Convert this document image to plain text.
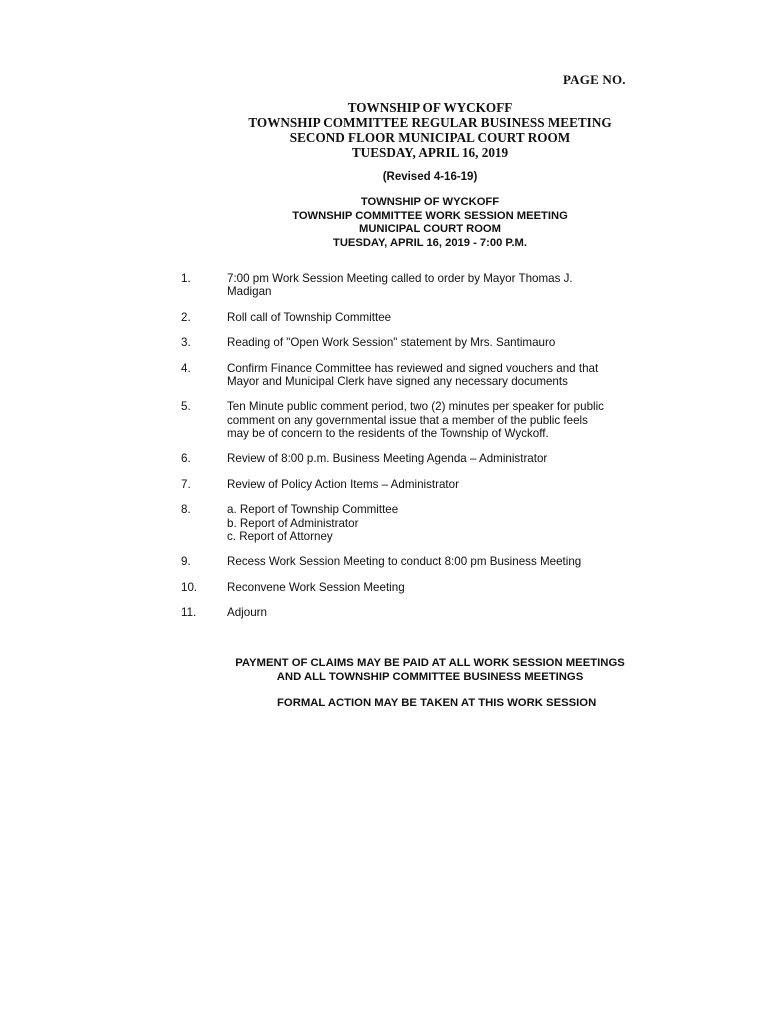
PAGE NO.
TOWNSHIP OF WYCKOFF
TOWNSHIP COMMITTEE REGULAR BUSINESS MEETING
SECOND FLOOR MUNICIPAL COURT ROOM
TUESDAY, APRIL 16, 2019
(Revised 4-16-19)
TOWNSHIP OF WYCKOFF
TOWNSHIP COMMITTEE WORK SESSION MEETING
MUNICIPAL COURT ROOM
TUESDAY, APRIL 16, 2019 - 7:00 P.M.
1.	7:00 pm Work Session Meeting called to order by Mayor Thomas J.
Madigan
2.	Roll call of Township Committee
3.	Reading of "Open Work Session" statement by Mrs. Santimauro
4.	Confirm Finance Committee has reviewed and signed vouchers and that
Mayor and Municipal Clerk have signed any necessary documents
5.	Ten Minute public comment period, two (2) minutes per speaker for public
comment on any governmental issue that a member of the public feels
may be of concern to the residents of the Township of Wyckoff.
6.	Review of 8:00 p.m. Business Meeting Agenda – Administrator
7.	Review of Policy Action Items – Administrator
8.	a. Report of Township Committee
b. Report of Administrator
c. Report of Attorney
9.	Recess Work Session Meeting to conduct 8:00 pm Business Meeting
10.	Reconvene Work Session Meeting
11.	Adjourn
PAYMENT OF CLAIMS MAY BE PAID AT ALL WORK SESSION MEETINGS
AND ALL TOWNSHIP COMMITTEE BUSINESS MEETINGS
FORMAL ACTION MAY BE TAKEN AT THIS WORK SESSION
